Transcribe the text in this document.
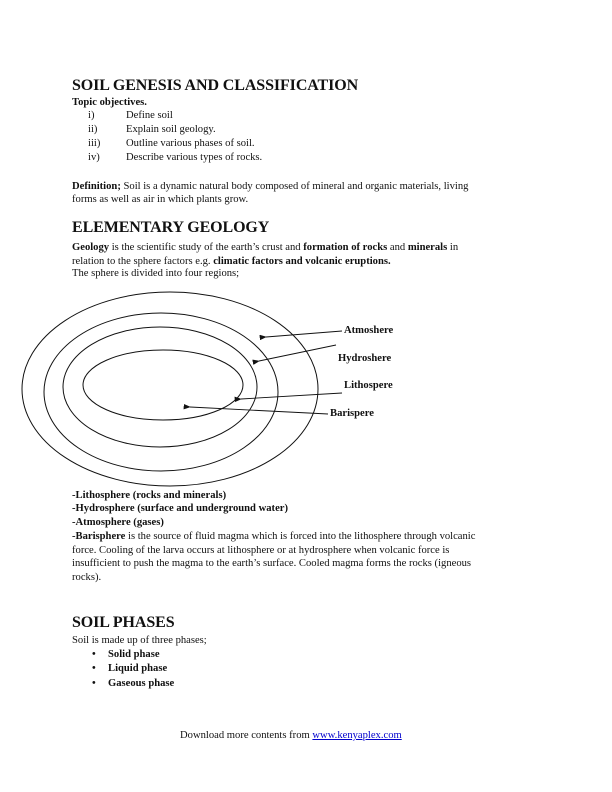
SOIL GENESIS AND CLASSIFICATION
Topic objectives.
i)	Define soil
ii)	Explain soil geology.
iii) Outline various phases of soil.
iv) Describe various types of rocks.
Definition; Soil is a dynamic natural body composed of mineral and organic materials, living
forms as well as air in which plants grow.
ELEMENTARY GEOLOGY
Geology is the scientific study of the earth’s crust and formation of rocks and minerals in
relation to the sphere factors e.g. climatic factors and volcanic eruptions.
The sphere is divided into four regions;
Atmoshere
Hydroshere
Lithospere
Barispere
-Lithosphere (rocks and minerals)
-Hydrosphere (surface and underground water)
-Atmosphere (gases)
-Barisphere is the source of fluid magma which is forced into the lithosphere through volcanic
force. Cooling of the larva occurs at lithosphere or at hydrosphere when volcanic force is
insufficient to push the magma to the earth’s surface. Cooled magma forms the rocks (igneous
rocks).
SOIL PHASES
Soil is made up of three phases;
• Solid phase
• Liquid phase
• Gaseous phase
Download more contents from www.kenyaplex.com
